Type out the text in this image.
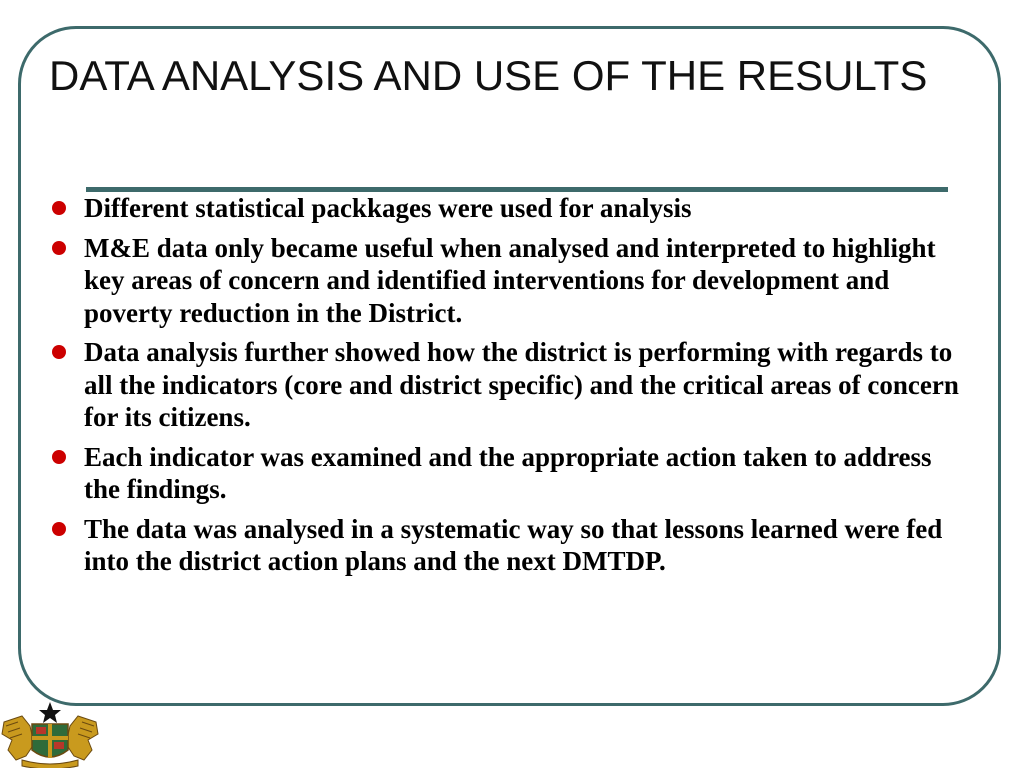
DATA ANALYSIS AND USE OF THE RESULTS
Different statistical packkages were used for analysis
M&E data only became useful when analysed and interpreted to highlight key areas of concern and identified interventions for development and poverty reduction in the District.
Data analysis further showed how the district is performing with regards to all the indicators (core and district specific) and the critical areas of concern for its citizens.
Each indicator was examined and the appropriate action taken to address the findings.
The data was analysed in a systematic way so that lessons learned were fed into the district action plans and the next DMTDP.
